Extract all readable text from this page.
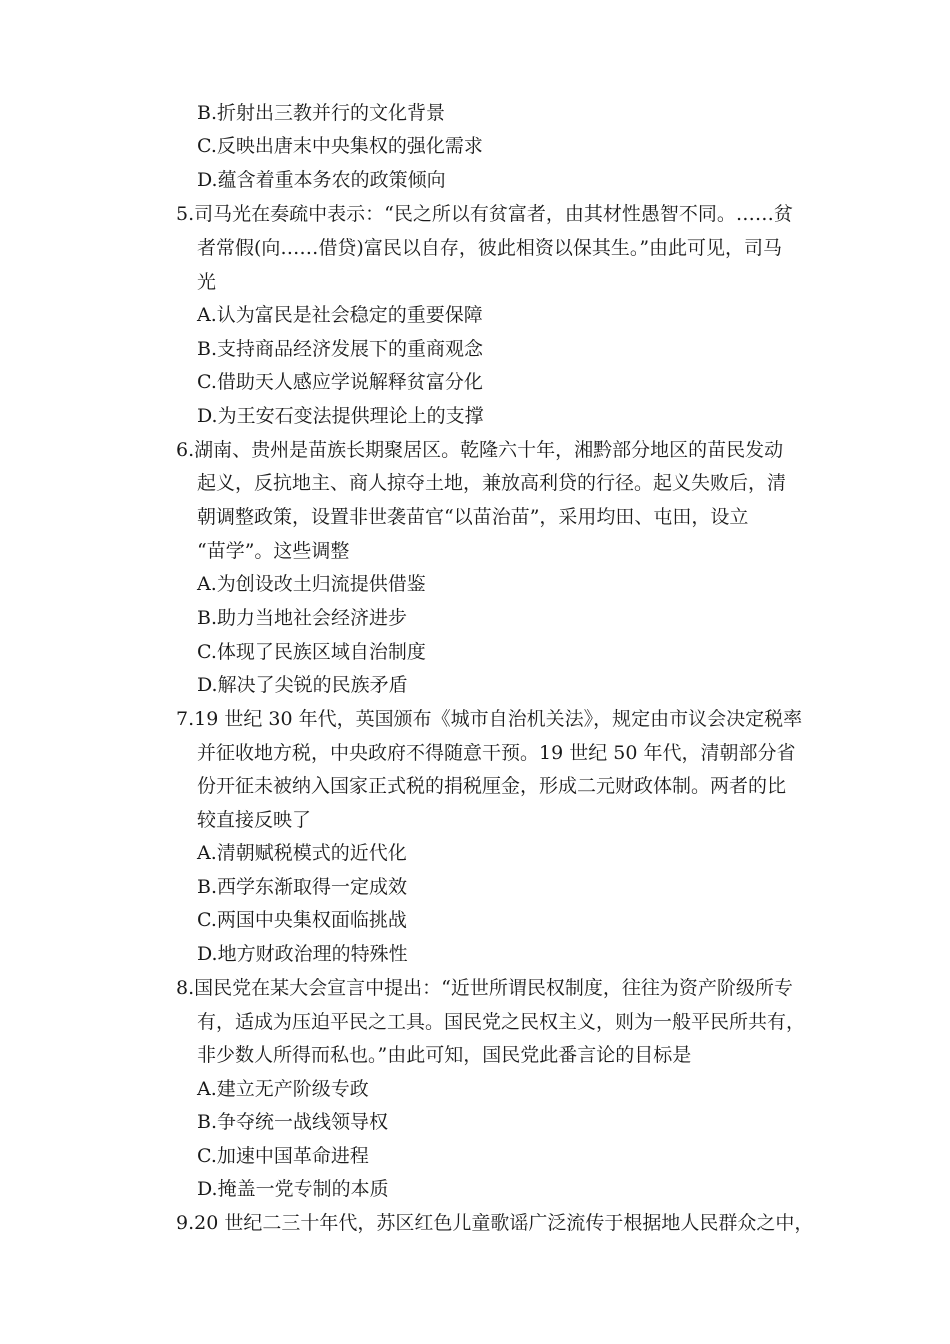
B.折射出三教并行的文化背景
C.反映出唐末中央集权的强化需求
D.蕴含着重本务农的政策倾向
5.司马光在奏疏中表示：“民之所以有贫富者，由其材性愚智不同。……贫
者常假(向……借贷)富民以自存，彼此相资以保其生。”由此可见，司马
光
A.认为富民是社会稳定的重要保障
B.支持商品经济发展下的重商观念
C.借助天人感应学说解释贫富分化
D.为王安石变法提供理论上的支撑
6.湖南、贵州是苗族长期聚居区。乾隆六十年，湘黔部分地区的苗民发动
起义，反抗地主、商人掠夺土地，兼放高利贷的行径。起义失败后，清
朝调整政策，设置非世袭苗官“以苗治苗”，采用均田、屯田，设立
“苗学”。这些调整
A.为创设改土归流提供借鉴
B.助力当地社会经济进步
C.体现了民族区域自治制度
D.解决了尖锐的民族矛盾
7.19 世纪 30 年代，英国颁布《城市自治机关法》，规定由市议会决定税率
并征收地方税，中央政府不得随意干预。19 世纪 50 年代，清朝部分省
份开征未被纳入国家正式税的捐税厘金，形成二元财政体制。两者的比
较直接反映了
A.清朝赋税模式的近代化
B.西学东渐取得一定成效
C.两国中央集权面临挑战
D.地方财政治理的特殊性
8.国民党在某大会宣言中提出：“近世所谓民权制度，往往为资产阶级所专
有，适成为压迫平民之工具。国民党之民权主义，则为一般平民所共有，
非少数人所得而私也。”由此可知，国民党此番言论的目标是
A.建立无产阶级专政
B.争夺统一战线领导权
C.加速中国革命进程
D.掩盖一党专制的本质
9.20 世纪二三十年代，苏区红色儿童歌谣广泛流传于根据地人民群众之中，
